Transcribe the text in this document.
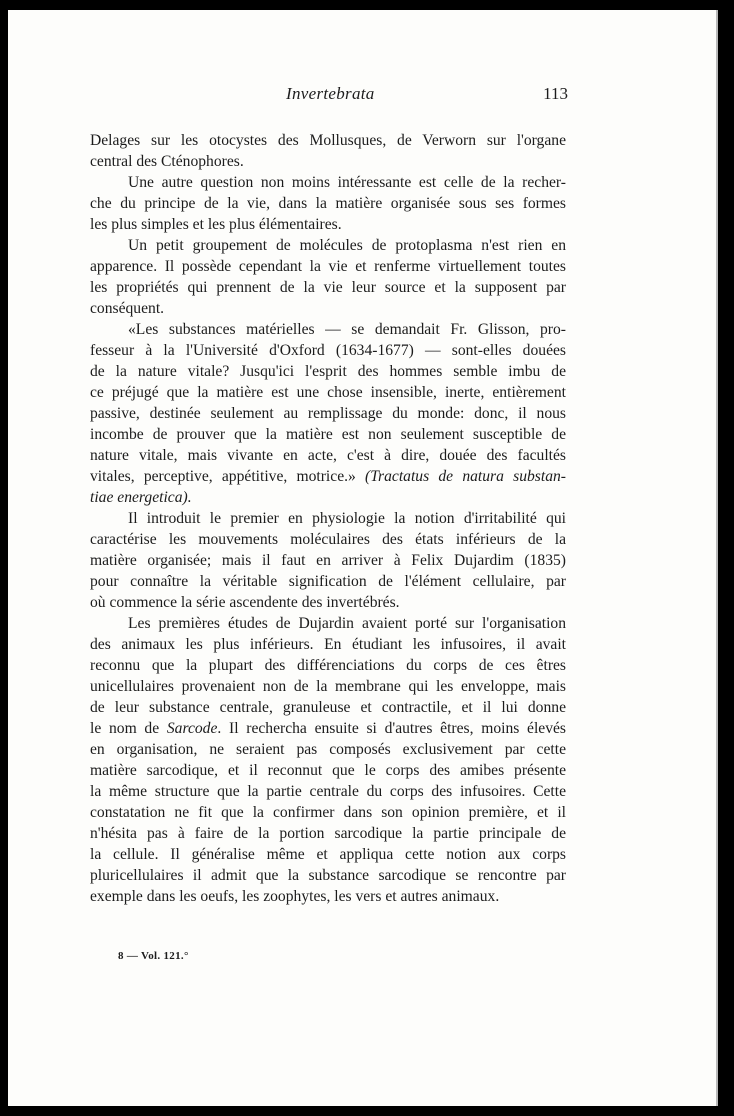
Invertebrata	113
Delages sur les otocystes des Mollusques, de Verworn sur l'organe
central des Cténophores.
Une autre question non moins intéressante est celle de la recher-
che du principe de la vie, dans la matière organisée sous ses formes
les plus simples et les plus élémentaires.
Un petit groupement de molécules de protoplasma n'est rien en
apparence. Il possède cependant la vie et renferme virtuellement toutes
les propriétés qui prennent de la vie leur source et la supposent par
conséquent.
«Les substances matérielles — se demandait Fr. Glisson, pro-
fesseur à la l'Université d'Oxford (1634-1677) — sont-elles douées
de la nature vitale? Jusqu'ici l'esprit des hommes semble imbu de
ce préjugé que la matière est une chose insensible, inerte, entièrement
passive, destinée seulement au remplissage du monde: donc, il nous
incombe de prouver que la matière est non seulement susceptible de
nature vitale, mais vivante en acte, c'est à dire, douée des facultés
vitales, perceptive, appétitive, motrice.» (Tractatus de natura substan-
tiae energetica).
Il introduit le premier en physiologie la notion d'irritabilité qui
caractérise les mouvements moléculaires des états inférieurs de la
matière organisée; mais il faut en arriver à Felix Dujardim (1835)
pour connaître la véritable signification de l'élément cellulaire, par
où commence la série ascendente des invertébrés.
Les premières études de Dujardin avaient porté sur l'organisation
des animaux les plus inférieurs. En étudiant les infusoires, il avait
reconnu que la plupart des différenciations du corps de ces êtres
unicellulaires provenaient non de la membrane qui les enveloppe, mais
de leur substance centrale, granuleuse et contractile, et il lui donne
le nom de Sarcode. Il rechercha ensuite si d'autres êtres, moins élevés
en organisation, ne seraient pas composés exclusivement par cette
matière sarcodique, et il reconnut que le corps des amibes présente
la même structure que la partie centrale du corps des infusoires. Cette
constatation ne fit que la confirmer dans son opinion première, et il
n'hésita pas à faire de la portion sarcodique la partie principale de
la cellule. Il généralise même et appliqua cette notion aux corps
pluricellulaires il admit que la substance sarcodique se rencontre par
exemple dans les oeufs, les zoophytes, les vers et autres animaux.
8 — Vol. 121.°
